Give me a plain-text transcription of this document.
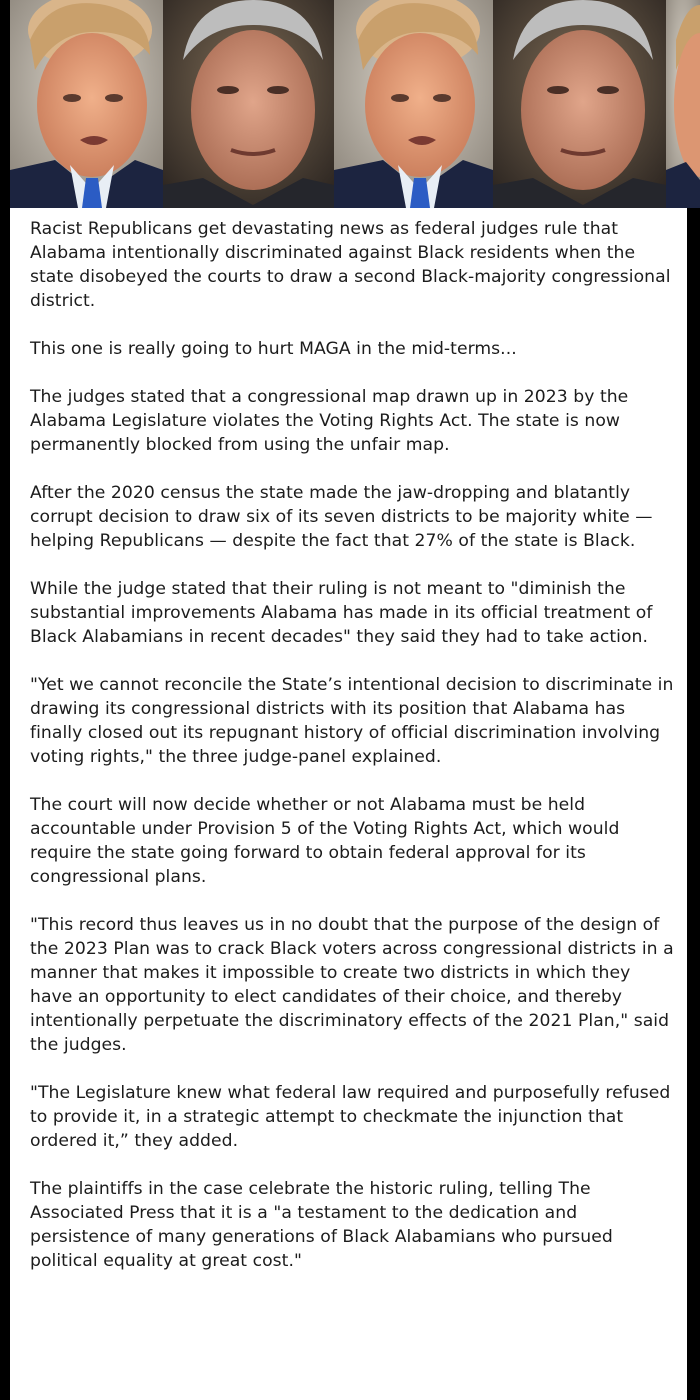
Racist Republicans get devastating news as federal judges rule that Alabama intentionally discriminated against Black residents when the state disobeyed the courts to draw a second Black-majority congressional district.

This one is really going to hurt MAGA in the mid-terms...

The judges stated that a congressional map drawn up in 2023 by the Alabama Legislature violates the Voting Rights Act. The state is now permanently blocked from using the unfair map.

After the 2020 census the state made the jaw-dropping and blatantly corrupt decision to draw six of its seven districts to be majority white — helping Republicans — despite the fact that 27% of the state is Black.

While the judge stated that their ruling is not meant to "diminish the substantial improvements Alabama has made in its official treatment of Black Alabamians in recent decades" they said they had to take action.

"Yet we cannot reconcile the State’s intentional decision to discriminate in drawing its congressional districts with its position that Alabama has finally closed out its repugnant history of official discrimination involving voting rights," the three judge-panel explained.

The court will now decide whether or not Alabama must be held accountable under Provision 5 of the Voting Rights Act, which would require the state going forward to obtain federal approval for its congressional plans.

"This record thus leaves us in no doubt that the purpose of the design of the 2023 Plan was to crack Black voters across congressional districts in a manner that makes it impossible to create two districts in which they have an opportunity to elect candidates of their choice, and thereby intentionally perpetuate the discriminatory effects of the 2021 Plan," said the judges.

"The Legislature knew what federal law required and purposefully refused to provide it, in a strategic attempt to checkmate the injunction that ordered it,” they added.

The plaintiffs in the case celebrate the historic ruling, telling The Associated Press that it is a "a testament to the dedication and persistence of many generations of Black Alabamians who pursued political equality at great cost."
